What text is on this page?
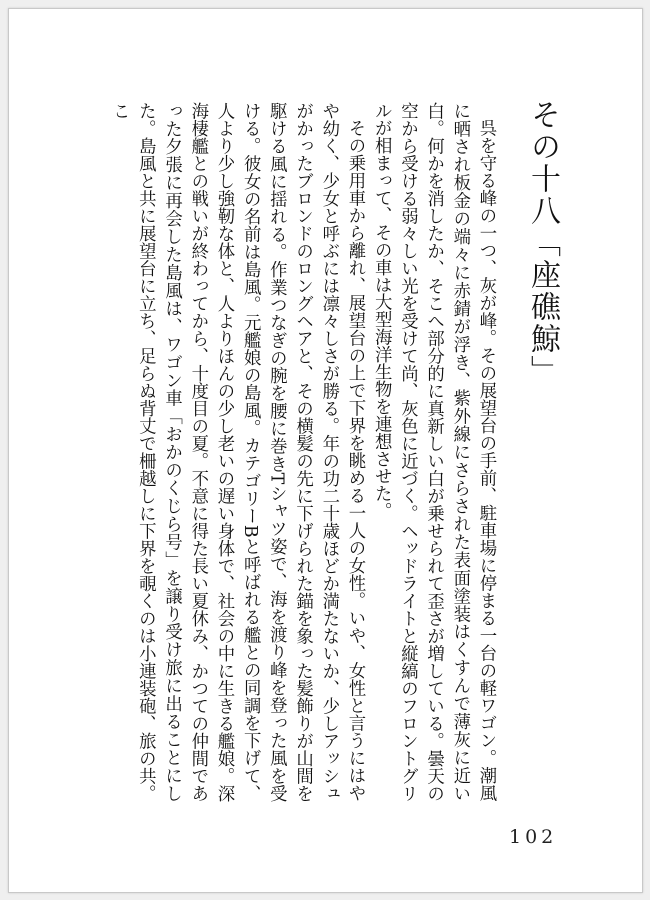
その十八「座礁鯨」

呉を守る峰の一つ、灰が峰。その展望台の手前、駐車場に停まる一台の軽ワゴン。潮風に晒され板金の端々に赤錆が浮き、紫外線にさらされた表面塗装はくすんで薄灰に近い白。何かを消したか、そこへ部分的に真新しい白が乗せられて歪さが増している。曇天の空から受ける弱々しい光を受けて尚、灰色に近づく。ヘッドライトと縦縞のフロントグリルが相まって、その車は大型海洋生物を連想させた。

その乗用車から離れ、展望台の上で下界を眺める一人の女性。いや、女性と言うにはやや幼く、少女と呼ぶには凛々しさが勝る。年の功二十歳ほどか満たないか、少しアッシュがかったブロンドのロングヘアと、その横髪の先に下げられた錨を象った髪飾りが山間を駆ける風に揺れる。作業つなぎの腕を腰に巻きTシャツ姿で、海を渡り峰を登った風を受ける。彼女の名前は島風。元艦娘の島風。カテゴリーBと呼ばれる艦との同調を下げて、人より少し強靭な体と、人よりほんの少し老いの遅い身体で、社会の中に生きる艦娘。深海棲艦との戦いが終わってから、十度目の夏。不意に得た長い夏休み、かつての仲間であった夕張に再会した島風は、ワゴン車「おかのくじら号」を譲り受け旅に出ることにした。島風と共に展望台に立ち、足らぬ背丈で柵越しに下界を覗くのは小連装砲、旅の共。こ

102
